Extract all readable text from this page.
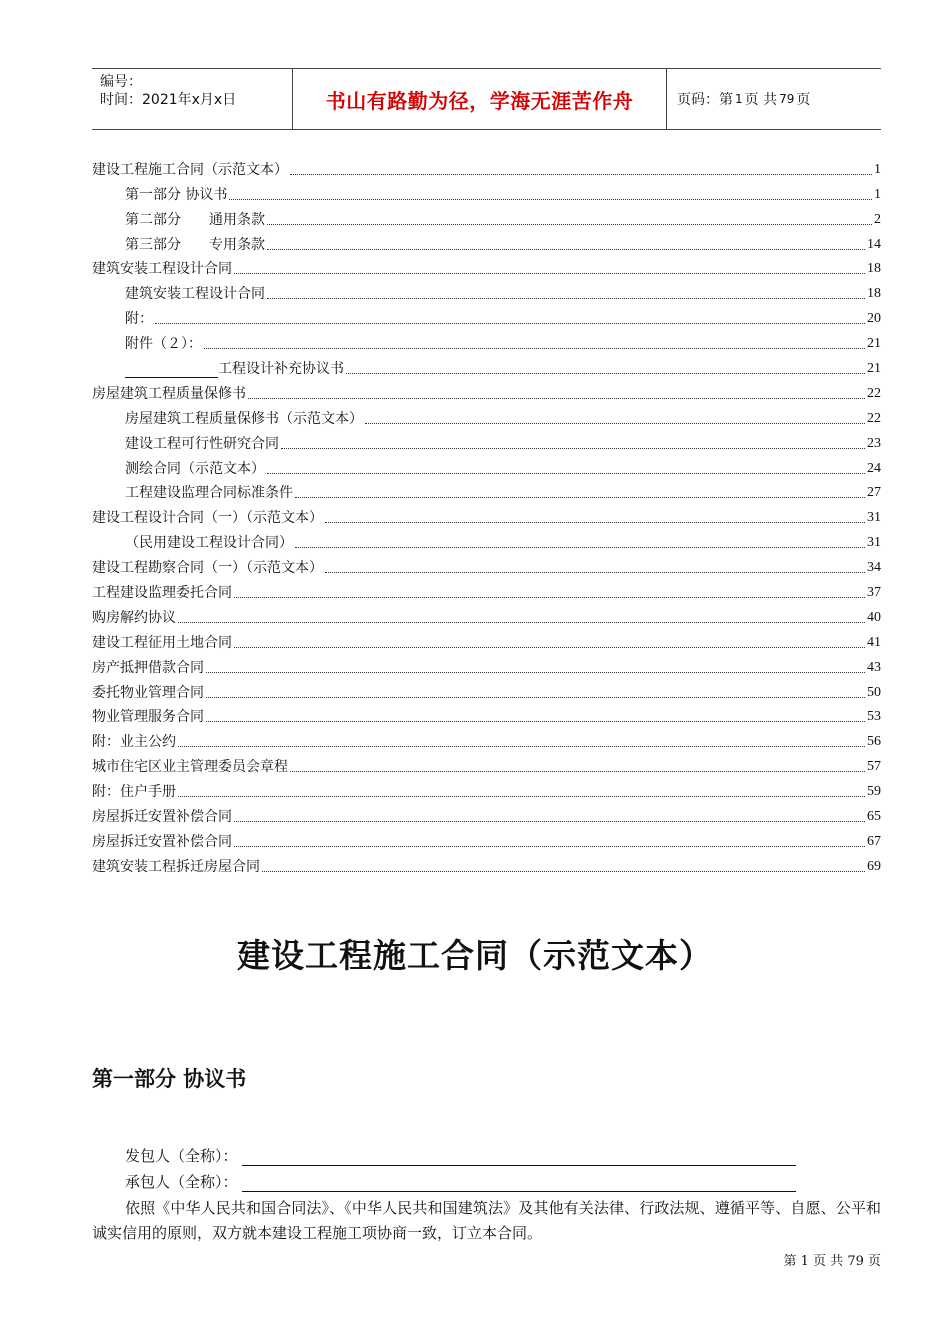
编号：
时间：2021年x月x日	书山有路勤为径，学海无涯苦作舟	页码：第 1 页 共 79 页
建设工程施工合同（示范文本）	1
第一部分 协议书	1
第二部分　　通用条款	2
第三部分　　专用条款	14
建筑安装工程设计合同	18
建筑安装工程设计合同	18
附：	20
附件（２）：	21
工程设计补充协议书	21
房屋建筑工程质量保修书	22
房屋建筑工程质量保修书（示范文本）	22
建设工程可行性研究合同	23
测绘合同（示范文本）	24
工程建设监理合同标准条件	27
建设工程设计合同（一）（示范文本）	31
（民用建设工程设计合同）	31
建设工程勘察合同（一）（示范文本）	34
工程建设监理委托合同	37
购房解约协议	40
建设工程征用土地合同	41
房产抵押借款合同	43
委托物业管理合同	50
物业管理服务合同	53
附：业主公约	56
城市住宅区业主管理委员会章程	57
附：住户手册	59
房屋拆迁安置补偿合同	65
房屋拆迁安置补偿合同	67
建筑安装工程拆迁房屋合同	69
建设工程施工合同（示范文本）
第一部分 协议书
发包人（全称）：
承包人（全称）：
依照《中华人民共和国合同法》、《中华人民共和国建筑法》及其他有关法律、行政法规、遵循平等、自愿、公平和诚实信用的原则，双方就本建设工程施工项协商一致，订立本合同。
第 1 页 共 79 页
